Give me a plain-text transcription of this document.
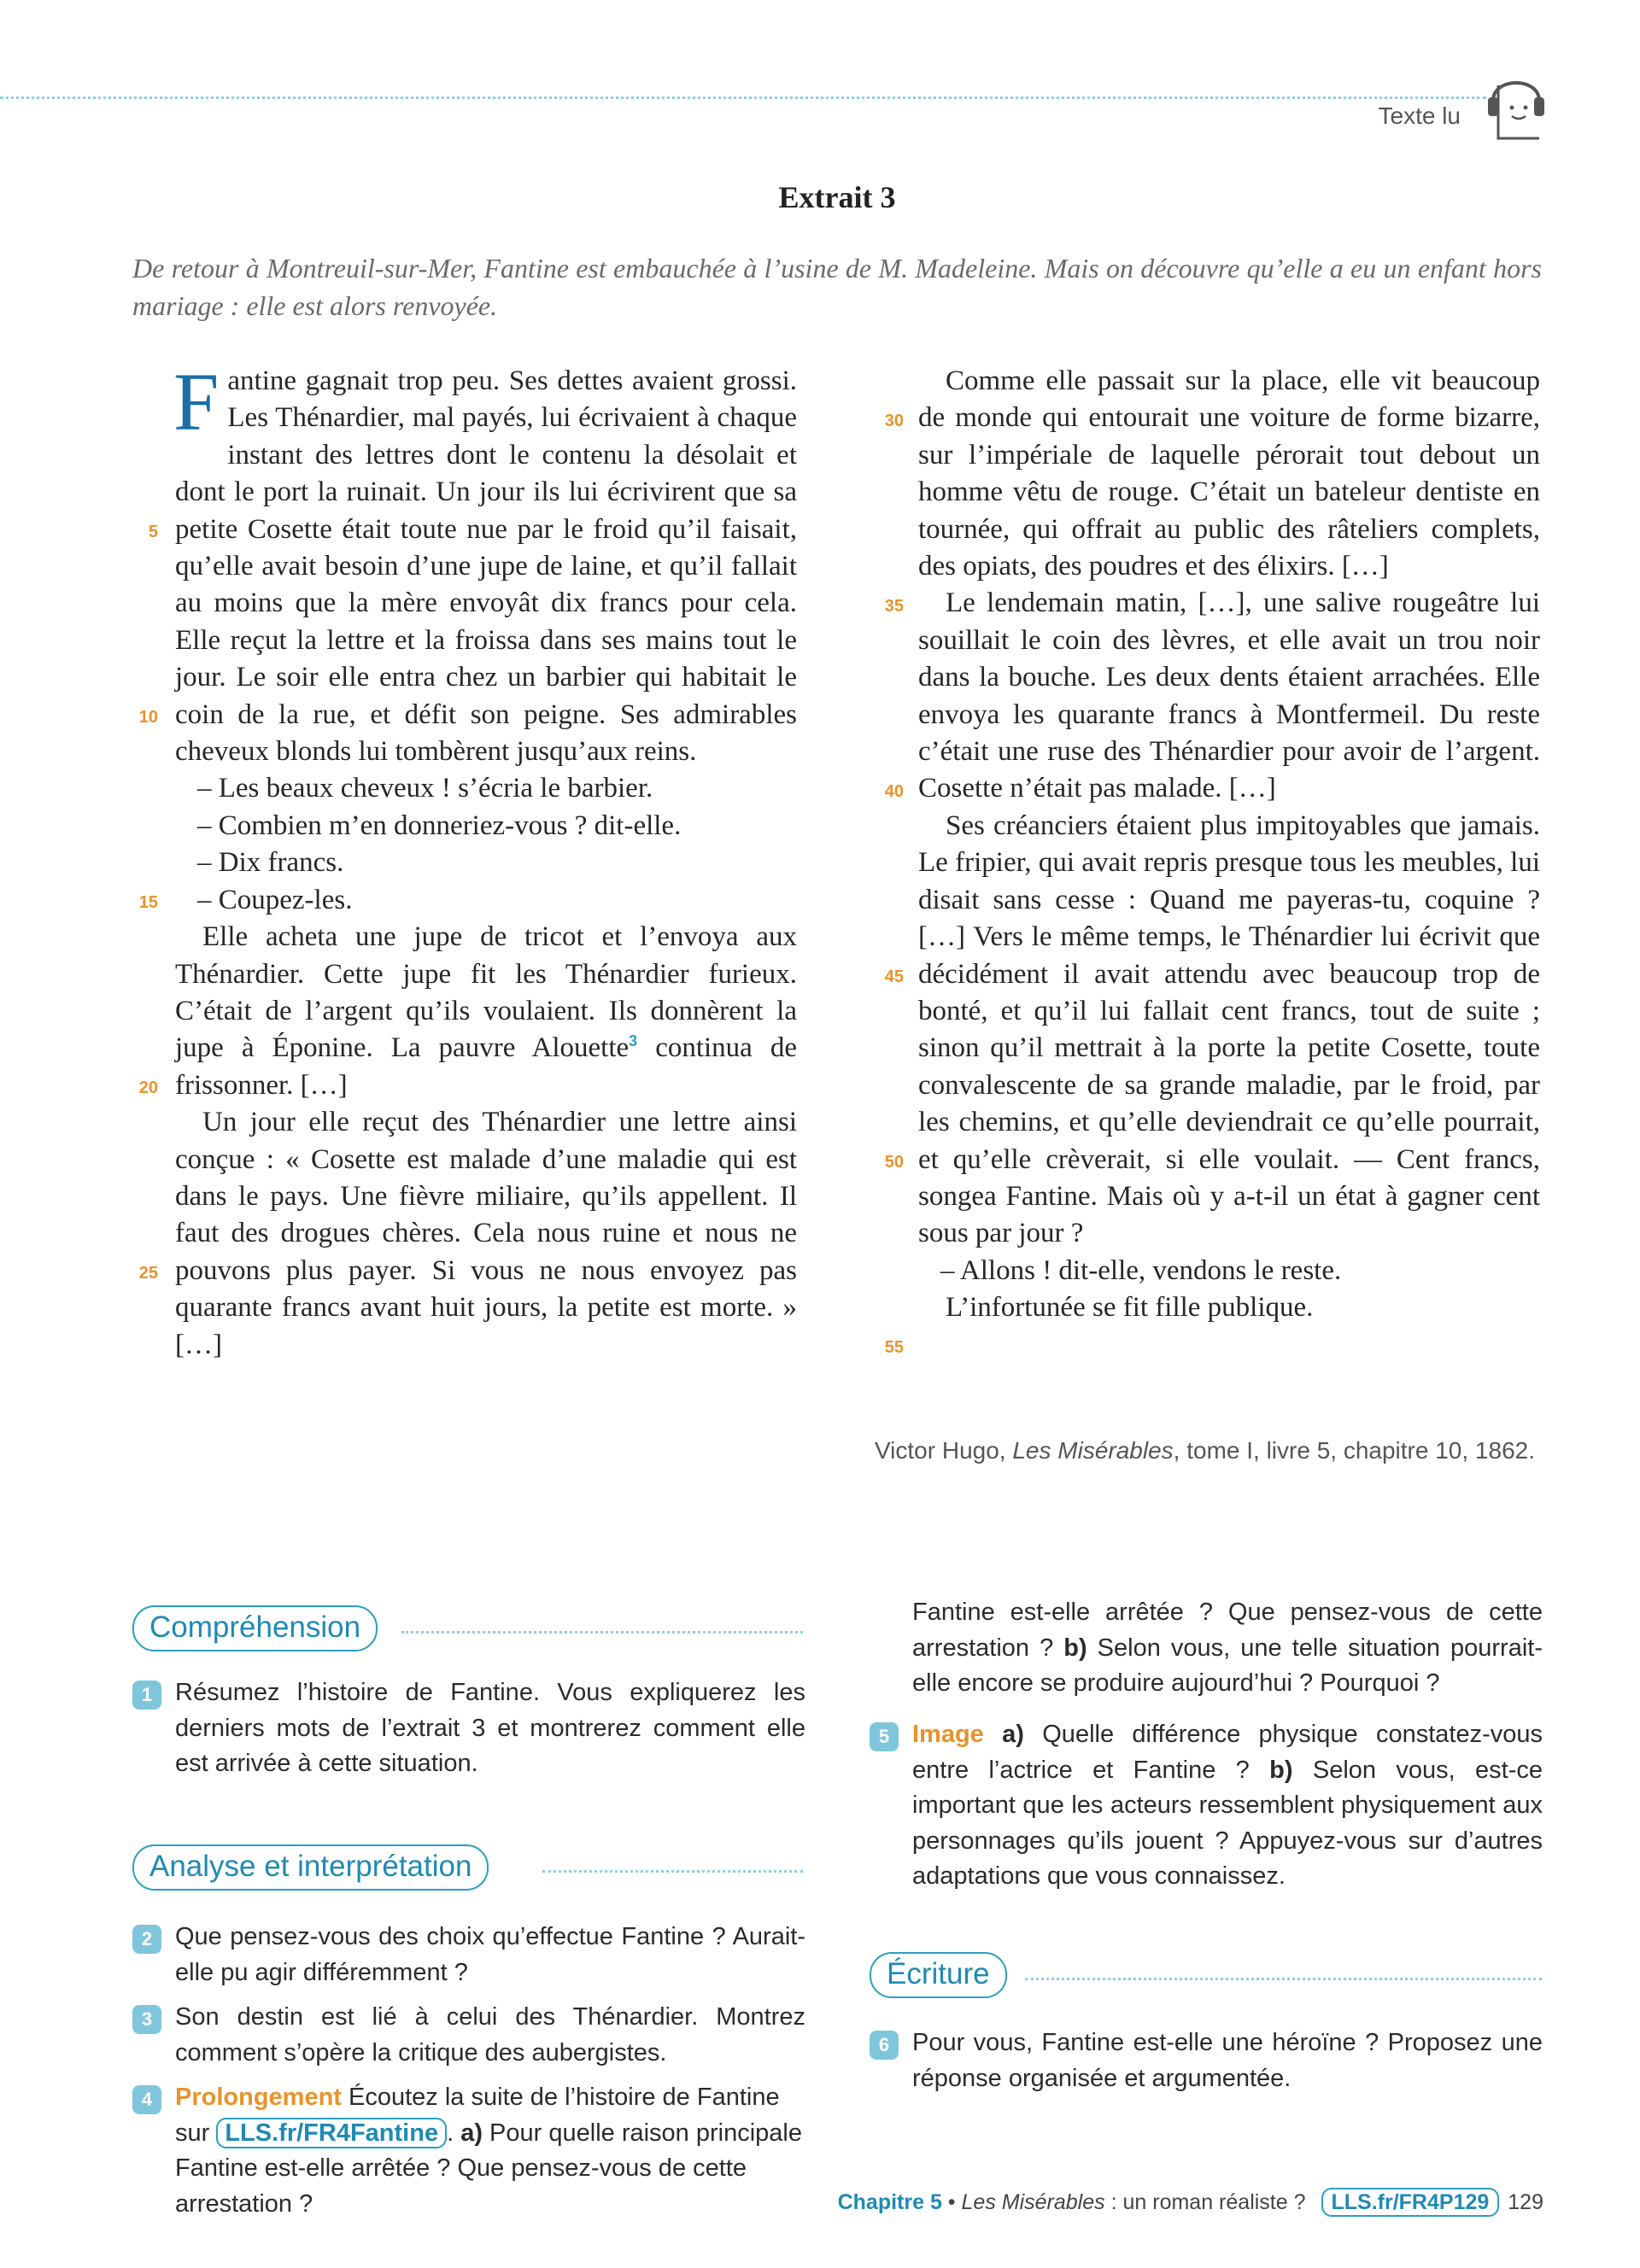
Texte lu
Extrait 3
De retour à Montreuil-sur-Mer, Fantine est embauchée à l’usine de M. Madeleine. Mais on découvre qu’elle a eu un enfant hors mariage : elle est alors renvoyée.

Fantine gagnait trop peu. Ses dettes avaient grossi. Les Thénardier, mal payés, lui écrivaient à chaque instant des lettres dont le contenu la désolait et dont le port la ruinait. Un jour ils lui écrivirent que sa petite Cosette était toute nue par le froid qu’il faisait, qu’elle avait besoin d’une jupe de laine, et qu’il fallait au moins que la mère envoyât dix francs pour cela. Elle reçut la lettre et la froissa dans ses mains tout le jour. Le soir elle entra chez un barbier qui habitait le coin de la rue, et défit son peigne. Ses admirables cheveux blonds lui tombèrent jusqu’aux reins.

– Les beaux cheveux ! s’écria le barbier.

– Combien m’en donneriez-vous ? dit-elle.

– Dix francs.

– Coupez-les.

Elle acheta une jupe de tricot et l’envoya aux Thénardier. Cette jupe fit les Thénardier furieux. C’était de l’argent qu’ils voulaient. Ils donnèrent la jupe à Éponine. La pauvre Alouette$^3$ continua de frissonner. […]

Un jour elle reçut des Thénardier une lettre ainsi conçue : « Cosette est malade d’une maladie qui est dans le pays. Une fièvre miliaire, qu’ils appellent. Il faut des drogues chères. Cela nous ruine et nous ne pouvons plus payer. Si vous ne nous envoyez pas quarante francs avant huit jours, la petite est morte. » […]

Comme elle passait sur la place, elle vit beaucoup de monde qui entourait une voiture de forme bizarre, sur l’impériale de laquelle pérorait tout debout un homme vêtu de rouge. C’était un bateleur dentiste en tournée, qui offrait au public des râteliers complets, des opiats, des poudres et des élixirs. […]

Le lendemain matin, […], une salive rougeâtre lui souillait le coin des lèvres, et elle avait un trou noir dans la bouche. Les deux dents étaient arrachées. Elle envoya les quarante francs à Montfermeil. Du reste c’était une ruse des Thénardier pour avoir de l’argent. Cosette n’était pas malade. […]

Ses créanciers étaient plus impitoyables que jamais. Le fripier, qui avait repris presque tous les meubles, lui disait sans cesse : Quand me payeras-tu, coquine ? […] Vers le même temps, le Thénardier lui écrivit que décidément il avait attendu avec beaucoup trop de bonté, et qu’il lui fallait cent francs, tout de suite ; sinon qu’il mettrait à la porte la petite Cosette, toute convalescente de sa grande maladie, par le froid, par les chemins, et qu’elle deviendrait ce qu’elle pourrait, et qu’elle crèverait, si elle voulait. — Cent francs, songea Fantine. Mais où y a-t-il un état à gagner cent sous par jour ?

– Allons ! dit-elle, vendons le reste.

L’infortunée se fit fille publique.

5
10
15
20
25
30
35
40
45
50
55
Victor Hugo, Les Misérables, tome I, livre 5, chapitre 10, 1862.
Compréhension
1 Résumez l’histoire de Fantine. Vous expliquerez les derniers mots de l’extrait 3 et montrerez comment elle est arrivée à cette situation.
Analyse et interprétation
2 Que pensez-vous des choix qu’effectue Fantine ? Aurait-elle pu agir différemment ?
3 Son destin est lié à celui des Thénardier. Montrez comment s’opère la critique des aubergistes.
4 Prolongement Écoutez la suite de l’histoire de Fantine sur LLS.fr/FR4Fantine . a) Pour quelle raison principale Fantine est-elle arrêtée ? Que pensez-vous de cette arrestation ?
Fantine est-elle arrêtée ? Que pensez-vous de cette arrestation ? b) Selon vous, une telle situation pourrait-elle encore se produire aujourd’hui ? Pourquoi ?
5 Image a) Quelle différence physique constatez-vous entre l’actrice et Fantine ? b) Selon vous, est-ce important que les acteurs ressemblent physiquement aux personnages qu’ils jouent ? Appuyez-vous sur d’autres adaptations que vous connaissez.
Écriture
6 Pour vous, Fantine est-elle une héroïne ? Proposez une réponse organisée et argumentée.
Chapitre 5 • Les Misérables : un roman réaliste ? LLS.fr/FR4P129 129
